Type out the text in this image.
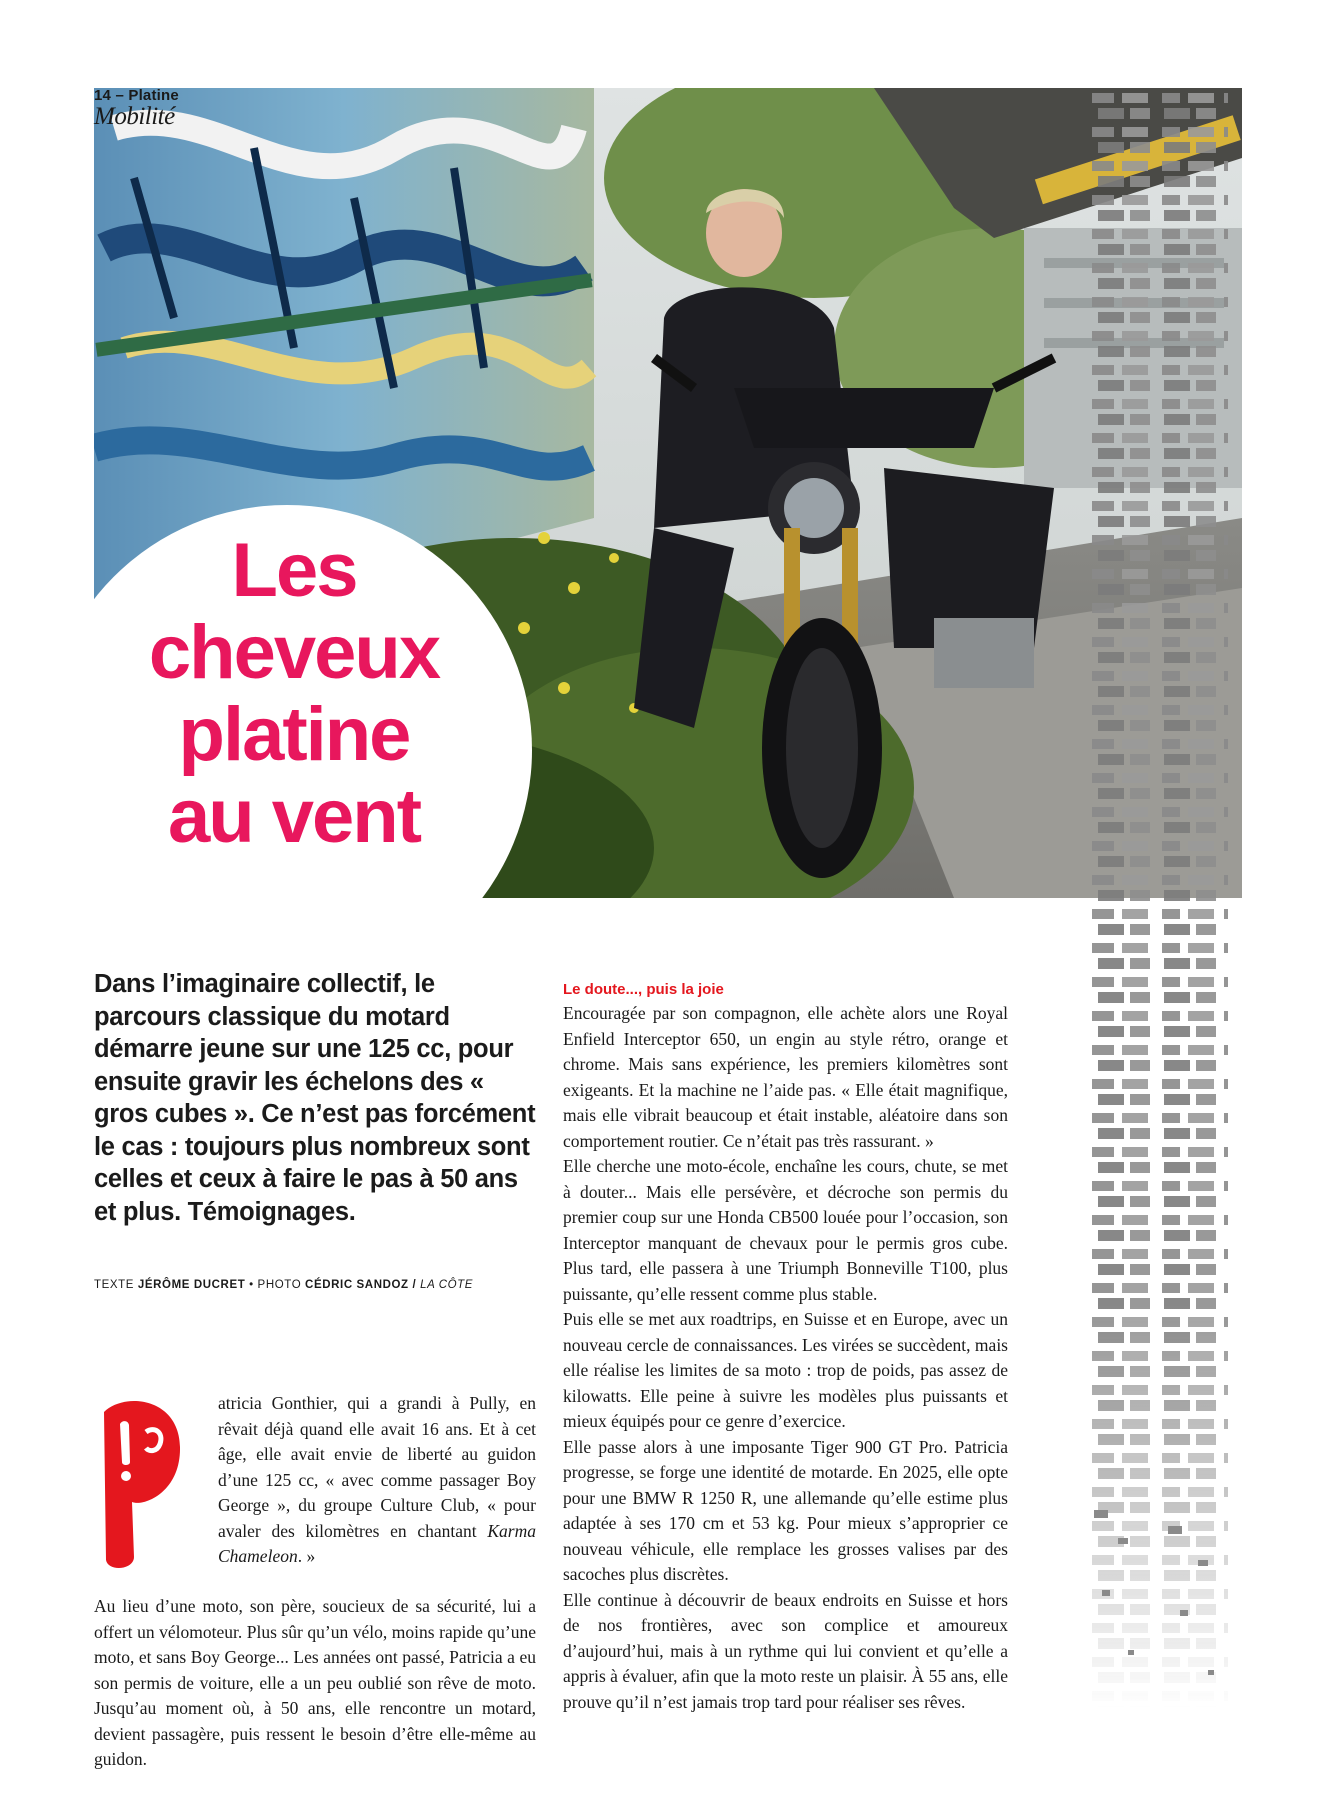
Les
cheveux
platine
au vent
14 – Platine
Mobilité
Dans l’imaginaire collectif, le parcours classique du motard démarre jeune sur une 125 cc, pour ensuite gravir les échelons des « gros cubes ». Ce n’est pas forcément le cas : toujours plus nombreux sont celles et ceux à faire le pas à 50 ans et plus. Témoignages.
TEXTE JÉRÔME DUCRET • PHOTO CÉDRIC SANDOZ / LA CÔTE

atricia Gonthier, qui a grandi à Pully, en rêvait déjà quand elle avait 16 ans. Et à cet âge, elle avait envie de liberté au guidon d’une 125 cc, « avec comme passager Boy George », du groupe Culture Club, « pour avaler des kilomètres en chantant Karma Chameleon. »

Au lieu d’une moto, son père, soucieux de sa sécurité, lui a offert un vélomoteur. Plus sûr qu’un vélo, moins rapide qu’une moto, et sans Boy George... Les années ont passé, Patricia a eu son permis de voiture, elle a un peu oublié son rêve de moto. Jusqu’au moment où, à 50 ans, elle rencontre un motard, devient passagère, puis ressent le besoin d’être elle-même au guidon.

Le doute..., puis la joie

Encouragée par son compagnon, elle achète alors une Royal Enfield Interceptor 650, un engin au style rétro, orange et chrome. Mais sans expérience, les premiers kilomètres sont exigeants. Et la machine ne l’aide pas. « Elle était magnifique, mais elle vibrait beaucoup et était instable, aléatoire dans son comportement routier. Ce n’était pas très rassurant. »

Elle cherche une moto-école, enchaîne les cours, chute, se met à douter... Mais elle persévère, et décroche son permis du premier coup sur une Honda CB500 louée pour l’occasion, son Interceptor manquant de chevaux pour le permis gros cube. Plus tard, elle passera à une Triumph Bonneville T100, plus puissante, qu’elle ressent comme plus stable.

Puis elle se met aux roadtrips, en Suisse et en Europe, avec un nouveau cercle de connaissances. Les virées se succèdent, mais elle réalise les limites de sa moto : trop de poids, pas assez de kilowatts. Elle peine à suivre les modèles plus puissants et mieux équipés pour ce genre d’exercice.

Elle passe alors à une imposante Tiger 900 GT Pro. Patricia progresse, se forge une identité de motarde. En 2025, elle opte pour une BMW R 1250 R, une allemande qu’elle estime plus adaptée à ses 170 cm et 53 kg. Pour mieux s’approprier ce nouveau véhicule, elle remplace les grosses valises par des sacoches plus discrètes.

Elle continue à découvrir de beaux endroits en Suisse et hors de nos frontières, avec son complice et amoureux d’aujourd’hui, mais à un rythme qui lui convient et qu’elle a appris à évaluer, afin que la moto reste un plaisir. À 55 ans, elle prouve qu’il n’est jamais trop tard pour réaliser ses rêves.
